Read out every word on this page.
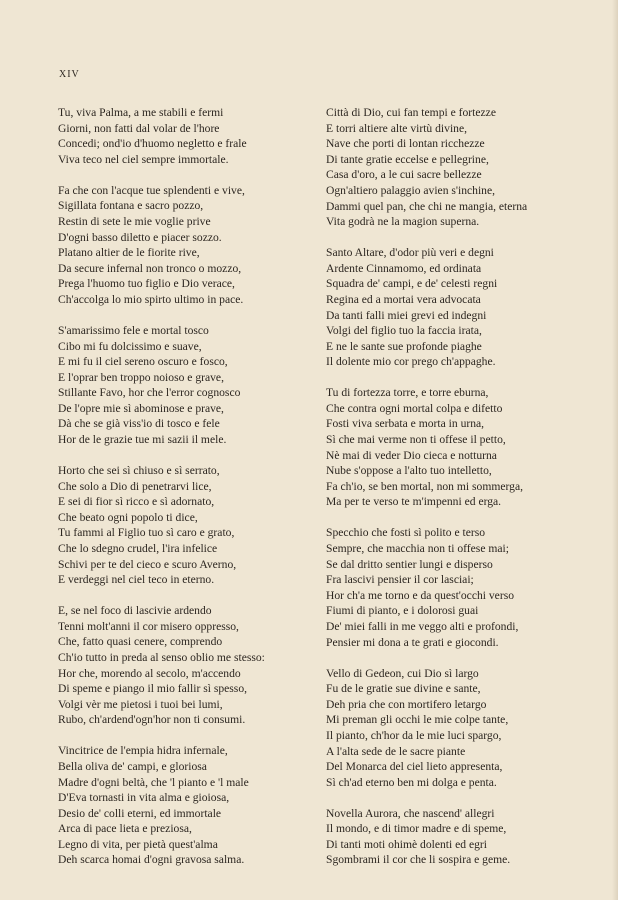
XIV
Tu, viva Palma, a me stabili e fermi
Giorni, non fatti dal volar de l'hore
Concedi; ond'io d'huomo negletto e frale
Viva teco nel ciel sempre immortale.
Fa che con l'acque tue splendenti e vive,
Sigillata fontana e sacro pozzo,
Restin di sete le mie voglie prive
D'ogni basso diletto e piacer sozzo.
Platano altier de le fiorite rive,
Da secure infernal non tronco o mozzo,
Prega l'huomo tuo figlio e Dio verace,
Ch'accolga lo mio spirto ultimo in pace.
S'amarissimo fele e mortal tosco
Cibo mi fu dolcissimo e suave,
E mi fu il ciel sereno oscuro e fosco,
E l'oprar ben troppo noioso e grave,
Stillante Favo, hor che l'error cognosco
De l'opre mie sì abominose e prave,
Dà che se già viss'io di tosco e fele
Hor de le grazie tue mi sazii il mele.
Horto che sei sì chiuso e sì serrato,
Che solo a Dio di penetrarvi lice,
E sei di fior sì ricco e sì adornato,
Che beato ogni popolo ti dice,
Tu fammi al Figlio tuo sì caro e grato,
Che lo sdegno crudel, l'ira infelice
Schivi per te del cieco e scuro Averno,
E verdeggi nel ciel teco in eterno.
E, se nel foco di lascivie ardendo
Tenni molt'anni il cor misero oppresso,
Che, fatto quasi cenere, comprendo
Ch'io tutto in preda al senso oblio me stesso:
Hor che, morendo al secolo, m'accendo
Di speme e piango il mio fallir sì spesso,
Volgi vèr me pietosi i tuoi bei lumi,
Rubo, ch'ardend'ogn'hor non ti consumi.
Vincitrice de l'empia hidra infernale,
Bella oliva de' campi, e gloriosa
Madre d'ogni beltà, che 'l pianto e 'l male
D'Eva tornasti in vita alma e gioiosa,
Desio de' colli eterni, ed immortale
Arca di pace lieta e preziosa,
Legno di vita, per pietà quest'alma
Deh scarca homai d'ogni gravosa salma.
Città di Dio, cui fan tempi e fortezze
E torri altiere alte virtù divine,
Nave che porti di lontan ricchezze
Di tante gratie eccelse e pellegrine,
Casa d'oro, a le cui sacre bellezze
Ogn'altiero palaggio avien s'inchine,
Dammi quel pan, che chi ne mangia, eterna
Vita godrà ne la magion superna.
Santo Altare, d'odor più veri e degni
Ardente Cinnamomo, ed ordinata
Squadra de' campi, e de' celesti regni
Regina ed a mortai vera advocata
Da tanti falli miei grevi ed indegni
Volgi del figlio tuo la faccia irata,
E ne le sante sue profonde piaghe
Il dolente mio cor prego ch'appaghe.
Tu di fortezza torre, e torre eburna,
Che contra ogni mortal colpa e difetto
Fosti viva serbata e morta in urna,
Sì che mai verme non ti offese il petto,
Nè mai di veder Dio cieca e notturna
Nube s'oppose a l'alto tuo intelletto,
Fa ch'io, se ben mortal, non mi sommerga,
Ma per te verso te m'impenni ed erga.
Specchio che fosti sì polito e terso
Sempre, che macchia non ti offese mai;
Se dal dritto sentier lungi e disperso
Fra lascivi pensier il cor lasciai;
Hor ch'a me torno e da quest'occhi verso
Fiumi di pianto, e i dolorosi guai
De' miei falli in me veggo alti e profondi,
Pensier mi dona a te grati e giocondi.
Vello di Gedeon, cui Dio sì largo
Fu de le gratie sue divine e sante,
Deh pria che con mortifero letargo
Mi preman gli occhi le mie colpe tante,
Il pianto, ch'hor da le mie luci spargo,
A l'alta sede de le sacre piante
Del Monarca del ciel lieto appresenta,
Sì ch'ad eterno ben mi dolga e penta.
Novella Aurora, che nascend' allegri
Il mondo, e di timor madre e di speme,
Di tanti moti ohimè dolenti ed egri
Sgombrami il cor che li sospira e geme.
